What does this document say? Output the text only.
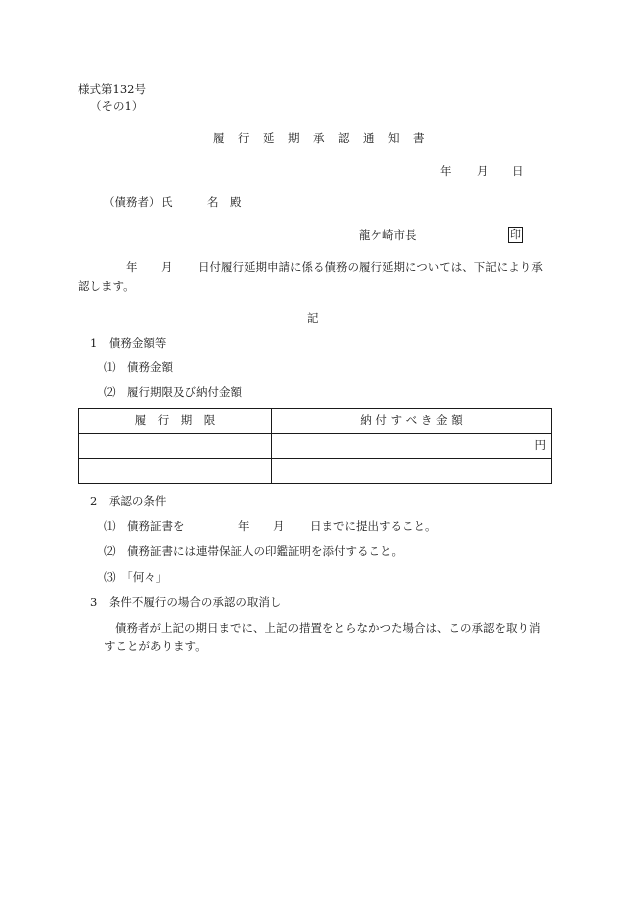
様式第132号
（その1）
履　行　延　期　承　認　通　知　書
年 月 日
（債務者） 氏	名 殿
龍ケ崎市長	印
年 月 日付履行延期申請に係る債務の履行延期については、下記により承
認します。
記
1　債務金額等
⑴　債務金額
⑵　履行期限及び納付金額
履　行　期　限	納 付 す べ き 金 額
	円

2　承認の条件
⑴　債務証書を	年 月 日までに提出すること。
⑵　債務証書には連帯保証人の印鑑証明を添付すること。
⑶　「何々」
3　条件不履行の場合の承認の取消し
債務者が上記の期日までに、上記の措置をとらなかつた場合は、この承認を取り消
すことがあります。
